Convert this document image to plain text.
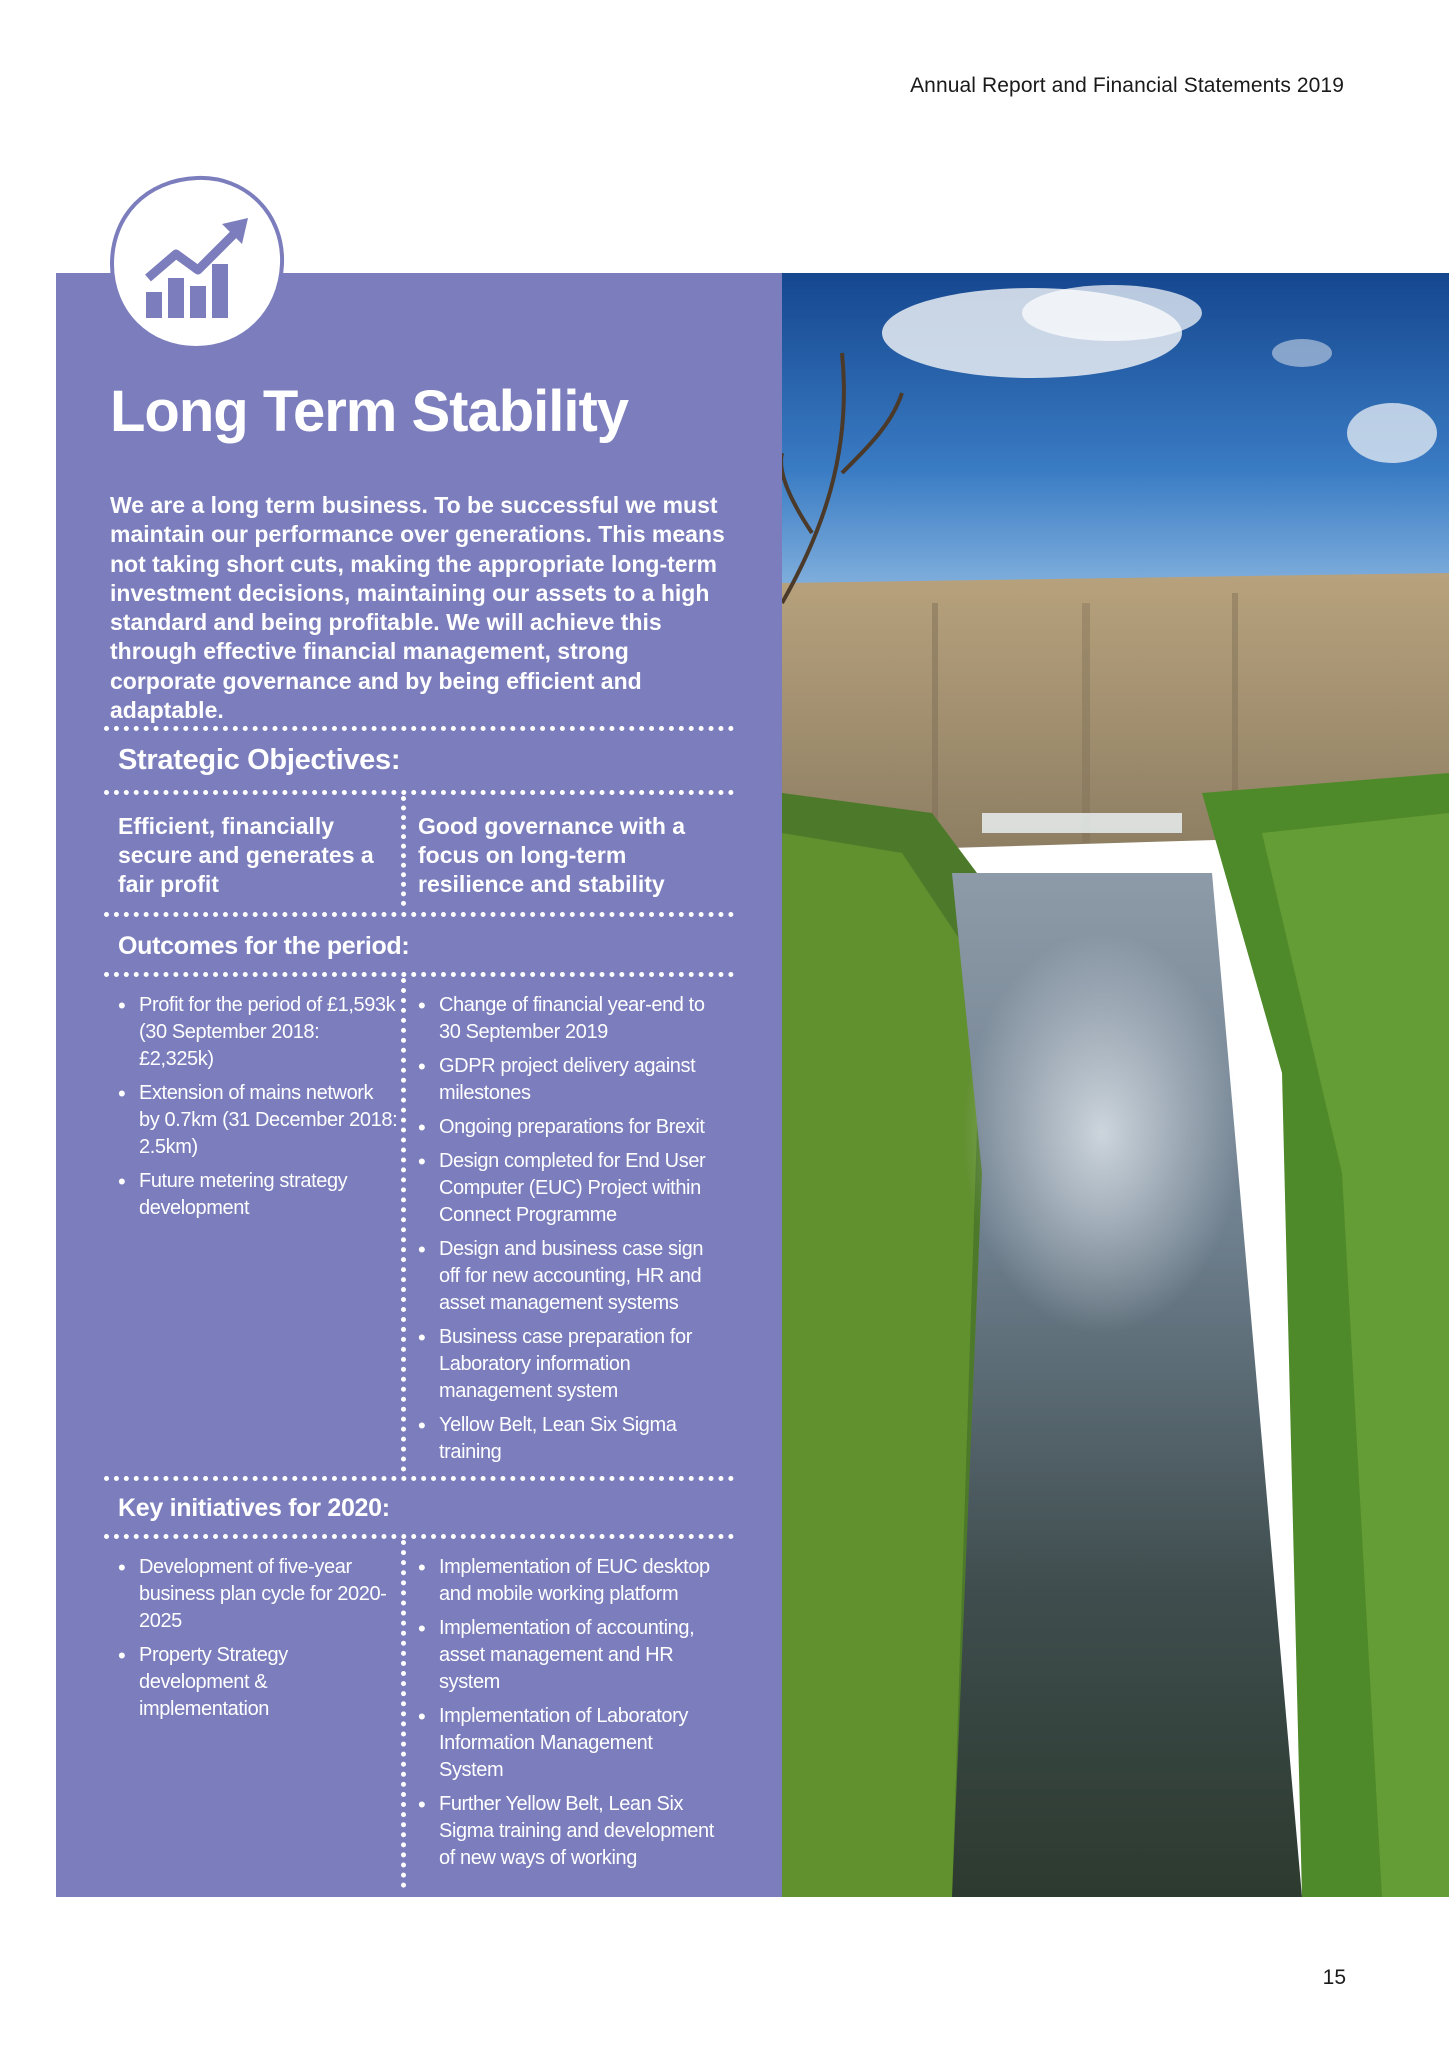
Annual Report and Financial Statements 2019
Long Term Stability

We are a long term business. To be successful we must maintain our performance over generations. This means not taking short cuts, making the appropriate long-term investment decisions, maintaining our assets to a high standard and being profitable. We will achieve this through effective financial management, strong corporate governance and by being efficient and adaptable.

Strategic Objectives:

Efficient, financially secure and generates a fair profit

Good governance with a focus on long-term resilience and stability

Outcomes for the period:
• Profit for the period of £1,593k (30 September 2018: £2,325k)
• Extension of mains network by 0.7km (31 December 2018: 2.5km)
• Future metering strategy development
• Change of financial year-end to 30 September 2019
• GDPR project delivery against milestones
• Ongoing preparations for Brexit
• Design completed for End User Computer (EUC) Project within Connect Programme
• Design and business case sign off for new accounting, HR and asset management systems
• Business case preparation for Laboratory information management system
• Yellow Belt, Lean Six Sigma training
Key initiatives for 2020:
• Development of five-year business plan cycle for 2020-2025
• Property Strategy development & implementation
• Implementation of EUC desktop and mobile working platform
• Implementation of accounting, asset management and HR system
• Implementation of Laboratory Information Management System
• Further Yellow Belt, Lean Six Sigma training and development of new ways of working
15
